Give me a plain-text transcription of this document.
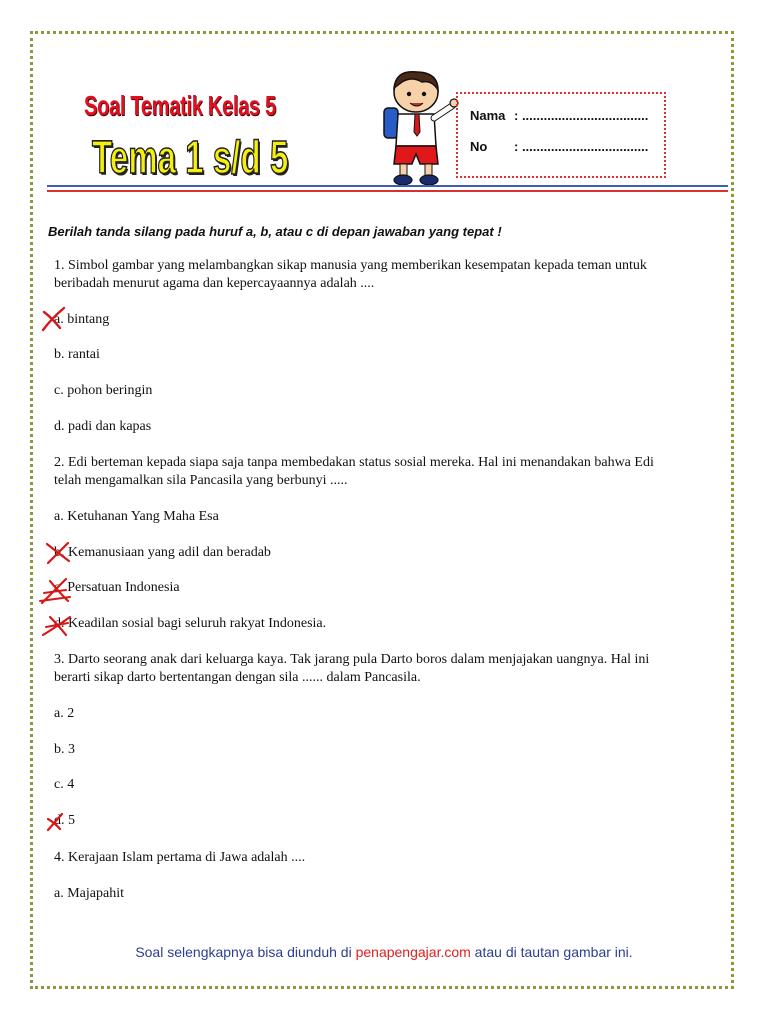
Soal Tematik Kelas 5
Tema 1 s/d 5
Nama : ...................................
No : ...................................
Berilah tanda silang pada huruf a, b, atau c di depan jawaban yang tepat !
1. Simbol gambar yang melambangkan sikap manusia yang memberikan kesempatan kepada teman untuk
beribadah menurut agama dan kepercayaannya adalah ....
a. bintang
b. rantai
c. pohon beringin
d. padi dan kapas
2. Edi berteman kepada siapa saja tanpa membedakan status sosial mereka. Hal ini menandakan bahwa Edi
telah mengamalkan sila Pancasila yang berbunyi .....
a. Ketuhanan Yang Maha Esa
b. Kemanusiaan yang adil dan beradab
c. Persatuan Indonesia
d. Keadilan sosial bagi seluruh rakyat Indonesia.
3. Darto seorang anak dari keluarga kaya. Tak jarang pula Darto boros dalam menjajakan uangnya. Hal ini
berarti sikap darto bertentangan dengan sila ...... dalam Pancasila.
a. 2
b. 3
c. 4
d. 5
4. Kerajaan Islam pertama di Jawa adalah ....
a. Majapahit
Soal selengkapnya bisa diunduh di penapengajar.com atau di tautan gambar ini.
